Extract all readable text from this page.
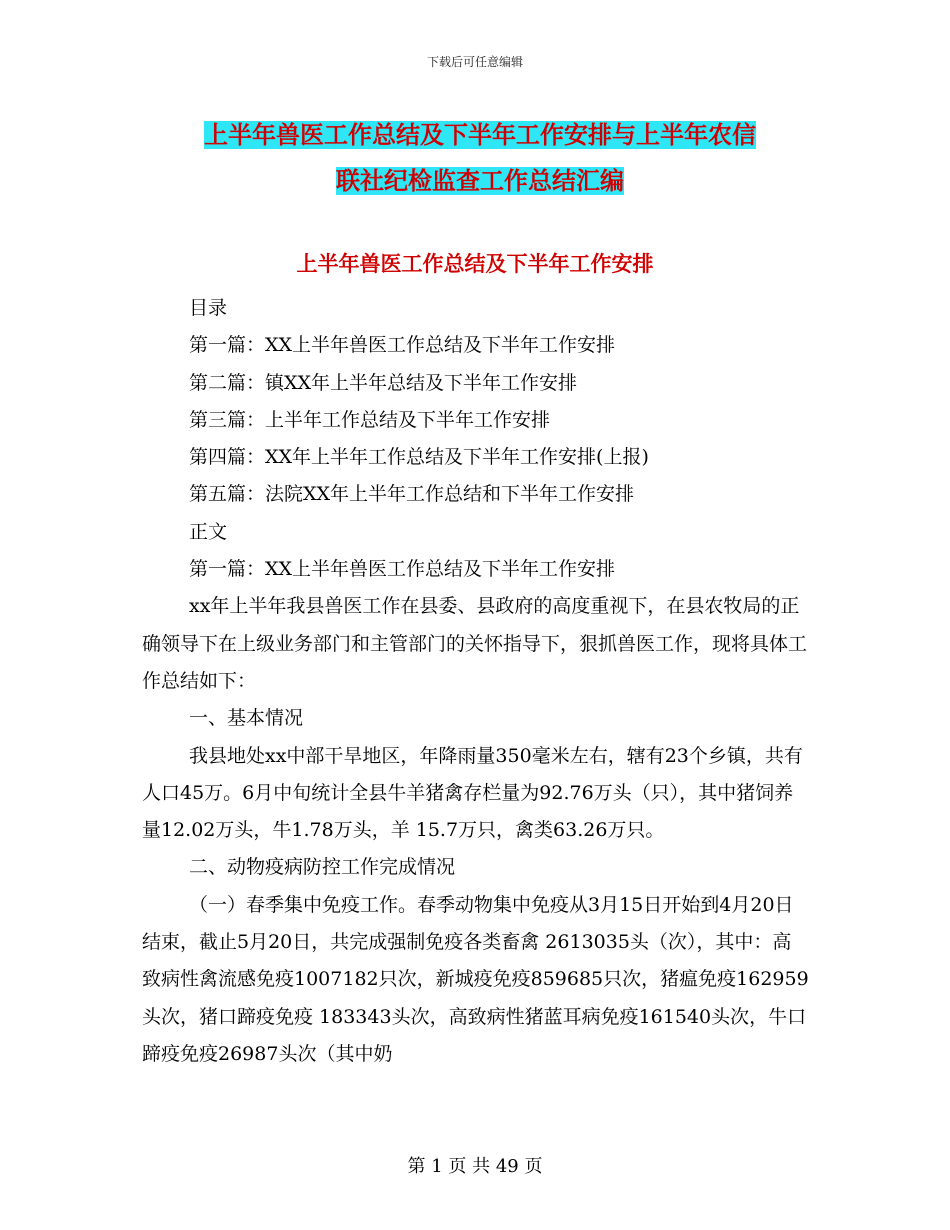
下载后可任意编辑
上半年兽医工作总结及下半年工作安排与上半年农信
联社纪检监查工作总结汇编
上半年兽医工作总结及下半年工作安排

目录

第一篇：XX上半年兽医工作总结及下半年工作安排

第二篇：镇XX年上半年总结及下半年工作安排

第三篇：上半年工作总结及下半年工作安排

第四篇：XX年上半年工作总结及下半年工作安排(上报)

第五篇：法院XX年上半年工作总结和下半年工作安排

正文

第一篇：XX上半年兽医工作总结及下半年工作安排

xx年上半年我县兽医工作在县委、县政府的高度重视下，在县农牧局的正确领导下在上级业务部门和主管部门的关怀指导下，狠抓兽医工作，现将具体工作总结如下：

一、基本情况

我县地处xx中部干旱地区，年降雨量350毫米左右，辖有23个乡镇，共有人口45万。6月中旬统计全县牛羊猪禽存栏量为92.76万头（只），其中猪饲养量12.02万头，牛1.78万头，羊 15.7万只，禽类63.26万只。

二、动物疫病防控工作完成情况

（一）春季集中免疫工作。春季动物集中免疫从3月15日开始到4月20日结束，截止5月20日，共完成强制免疫各类畜禽 2613035头（次），其中：高致病性禽流感免疫1007182只次，新城疫免疫859685只次，猪瘟免疫162959头次，猪口蹄疫免疫 183343头次，高致病性猪蓝耳病免疫161540头次，牛口蹄疫免疫26987头次（其中奶

第 1 页 共 49 页
